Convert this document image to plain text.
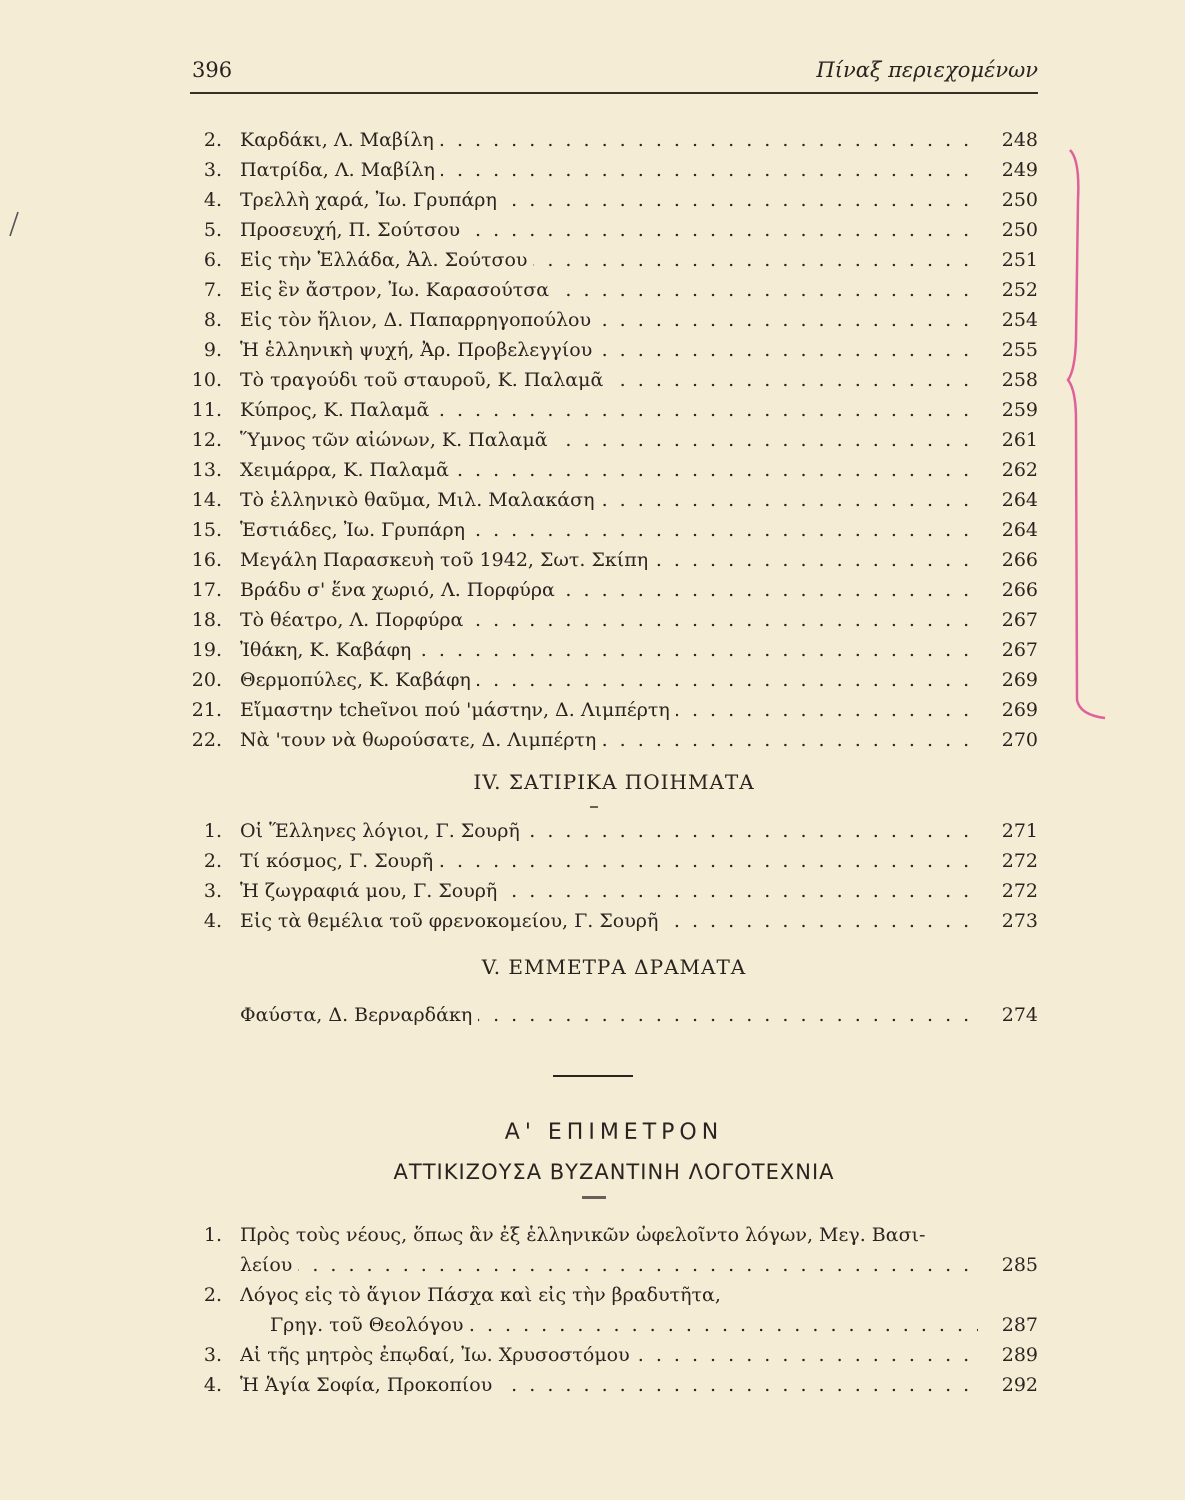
396	Πίναξ περιεχομένων
2. Καρδάκι, Λ. Μαβίλη . . .	248
3. Πατρίδα, Λ. Μαβίλη . . .	249
4. Τρελλὴ χαρά, Ἰω. Γρυπάρη . . .	250
5. Προσευχή, Π. Σούτσου . . .	250
6. Εἰς τὴν Ἑλλάδα, Ἀλ. Σούτσου . . .	251
7. Εἰς ἓν ἄστρον, Ἰω. Καρασούτσα . . .	252
8. Εἰς τὸν ἥλιον, Δ. Παπαρρηγοπούλου . . .	254
9. Ἡ ἑλληνικὴ ψυχή, Ἀρ. Προβελεγγίου . . .	255
10. Τὸ τραγούδι τοῦ σταυροῦ, Κ. Παλαμᾶ . . .	258
11. Κύπρος, Κ. Παλαμᾶ . . .	259
12. Ὕμνος τῶν αἰώνων, Κ. Παλαμᾶ . . .	261
13. Χειμάρρα, Κ. Παλαμᾶ . . .	262
14. Τὸ ἑλληνικὸ θαῦμα, Μιλ. Μαλακάση . . .	264
15. Ἑστιάδες, Ἰω. Γρυπάρη . . .	264
16. Μεγάλη Παρασκευὴ τοῦ 1942, Σωτ. Σκίπη . . .	266
17. Βράδυ σ' ἕνα χωριό, Λ. Πορφύρα . . .	266
18. Τὸ θέατρο, Λ. Πορφύρα . . .	267
19. Ἰθάκη, Κ. Καβάφη . . .	267
20. Θερμοπύλες, Κ. Καβάφη . . .	269
21. Εἴμαστην tcheῖνοι πού 'μάστην, Δ. Λιμπέρτη . . .	269
22. Νὰ 'τουν νὰ θωρούσατε, Δ. Λιμπέρτη . . .	270
IV. ΣΑΤΙΡΙΚΑ ΠΟΙΗΜΑΤΑ
1. Οἱ Ἕλληνες λόγιοι, Γ. Σουρῆ . . .	271
2. Τί κόσμος, Γ. Σουρῆ . . .	272
3. Ἡ ζωγραφιά μου, Γ. Σουρῆ . . .	272
4. Εἰς τὰ θεμέλια τοῦ φρενοκομείου, Γ. Σουρῆ . . .	273
V. ΕΜΜΕΤΡΑ ΔΡΑΜΑΤΑ
Φαύστα, Δ. Βερναρδάκη . . .	274
Α' ΕΠΙΜΕΤΡΟΝ
ΑΤΤΙΚΙΖΟΥΣΑ ΒΥΖΑΝΤΙΝΗ ΛΟΓΟΤΕΧΝΙΑ
1. Πρὸς τοὺς νέους, ὅπως ἂν ἐξ ἑλληνικῶν ὠφελοῖντο λόγων, Μεγ. Βασι-
λείου . . .	285
2. Λόγος εἰς τὸ ἅγιον Πάσχα καὶ εἰς τὴν βραδυτῆτα,
Γρηγ. τοῦ Θεολόγου . . .	287
3. Αἱ τῆς μητρὸς ἐπῳδαί, Ἰω. Χρυσοστόμου . . .	289
4. Ἡ Ἁγία Σοφία, Προκοπίου . . .	292
